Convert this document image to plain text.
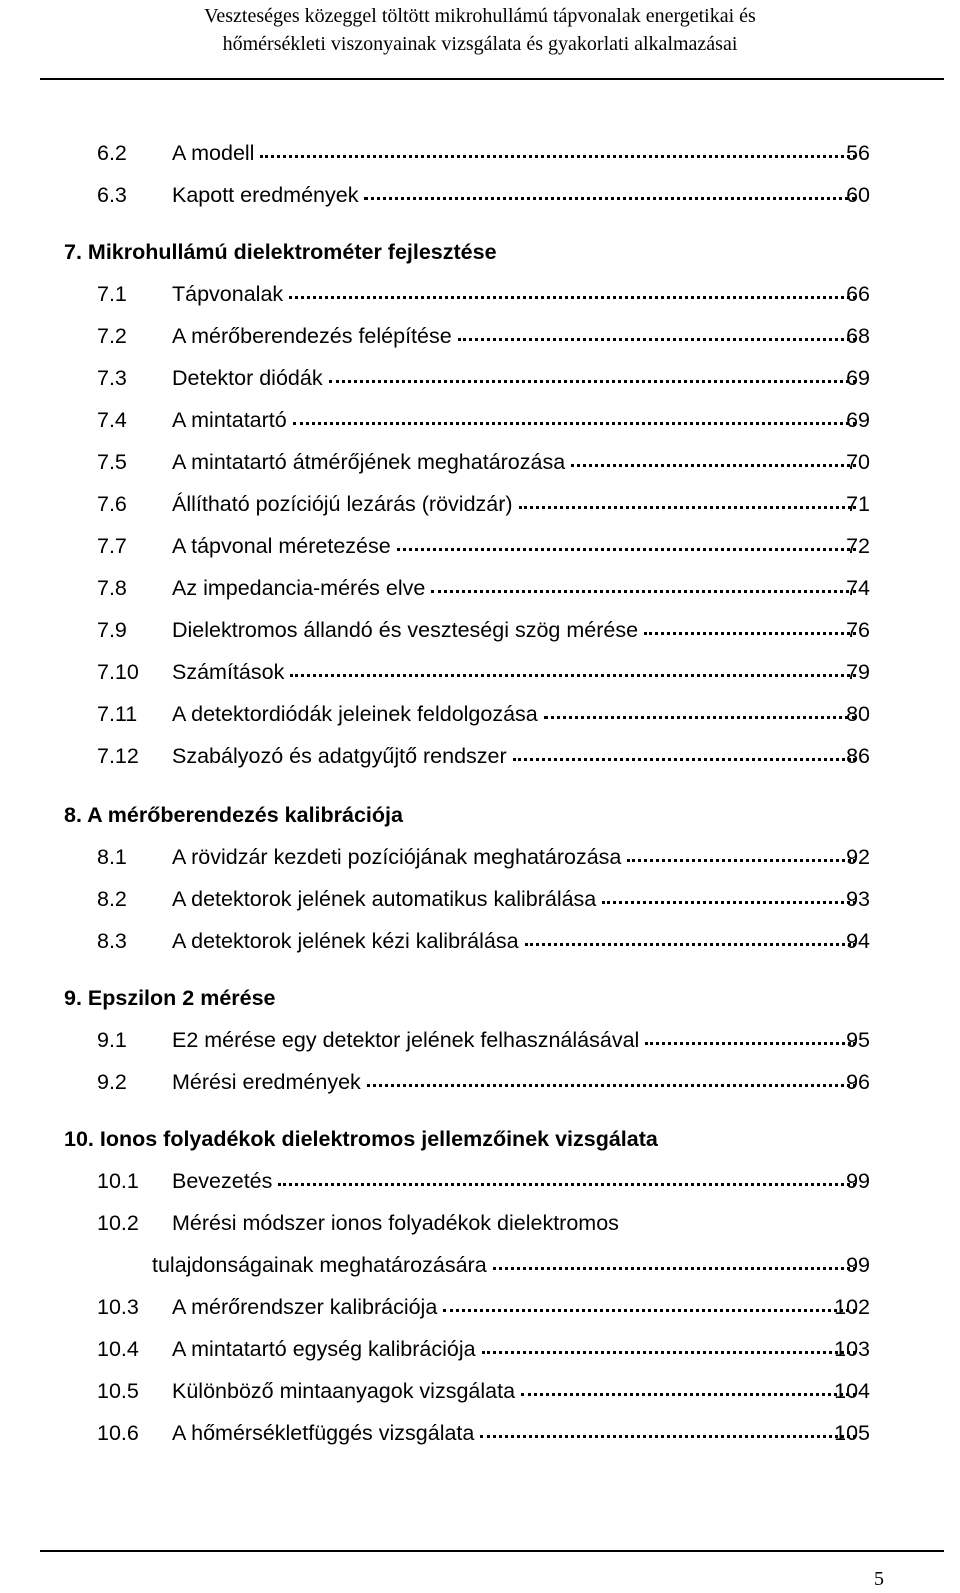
Veszteséges közeggel töltött mikrohullámú tápvonalak energetikai és
hőmérsékleti viszonyainak vizsgálata és gyakorlati alkalmazásai
6.2 A modell	56
6.3 Kapott eredmények	60
7. Mikrohullámú dielektrométer fejlesztése
7.1 Tápvonalak	66
7.2 A mérőberendezés felépítése	68
7.3 Detektor diódák	69
7.4 A mintatartó	69
7.5 A mintatartó átmérőjének meghatározása	70
7.6 Állítható pozíciójú lezárás (rövidzár)	71
7.7 A tápvonal méretezése	72
7.8 Az impedancia-mérés elve	74
7.9 Dielektromos állandó és veszteségi szög mérése	76
7.10 Számítások	79
7.11 A detektordiódák jeleinek feldolgozása	80
7.12 Szabályozó és adatgyűjtő rendszer	86
8. A mérőberendezés kalibrációja
8.1 A rövidzár kezdeti pozíciójának meghatározása	92
8.2 A detektorok jelének automatikus kalibrálása	93
8.3 A detektorok jelének kézi kalibrálása	94
9. Epszilon 2 mérése
9.1 E2 mérése egy detektor jelének felhasználásával	95
9.2 Mérési eredmények	96
10. Ionos folyadékok dielektromos jellemzőinek vizsgálata
10.1 Bevezetés	99
10.2 Mérési módszer ionos folyadékok dielektromos
tulajdonságainak meghatározására	99
10.3 A mérőrendszer kalibrációja	102
10.4 A mintatartó egység kalibrációja	103
10.5 Különböző mintaanyagok vizsgálata	104
10.6 A hőmérsékletfüggés vizsgálata	105
5
